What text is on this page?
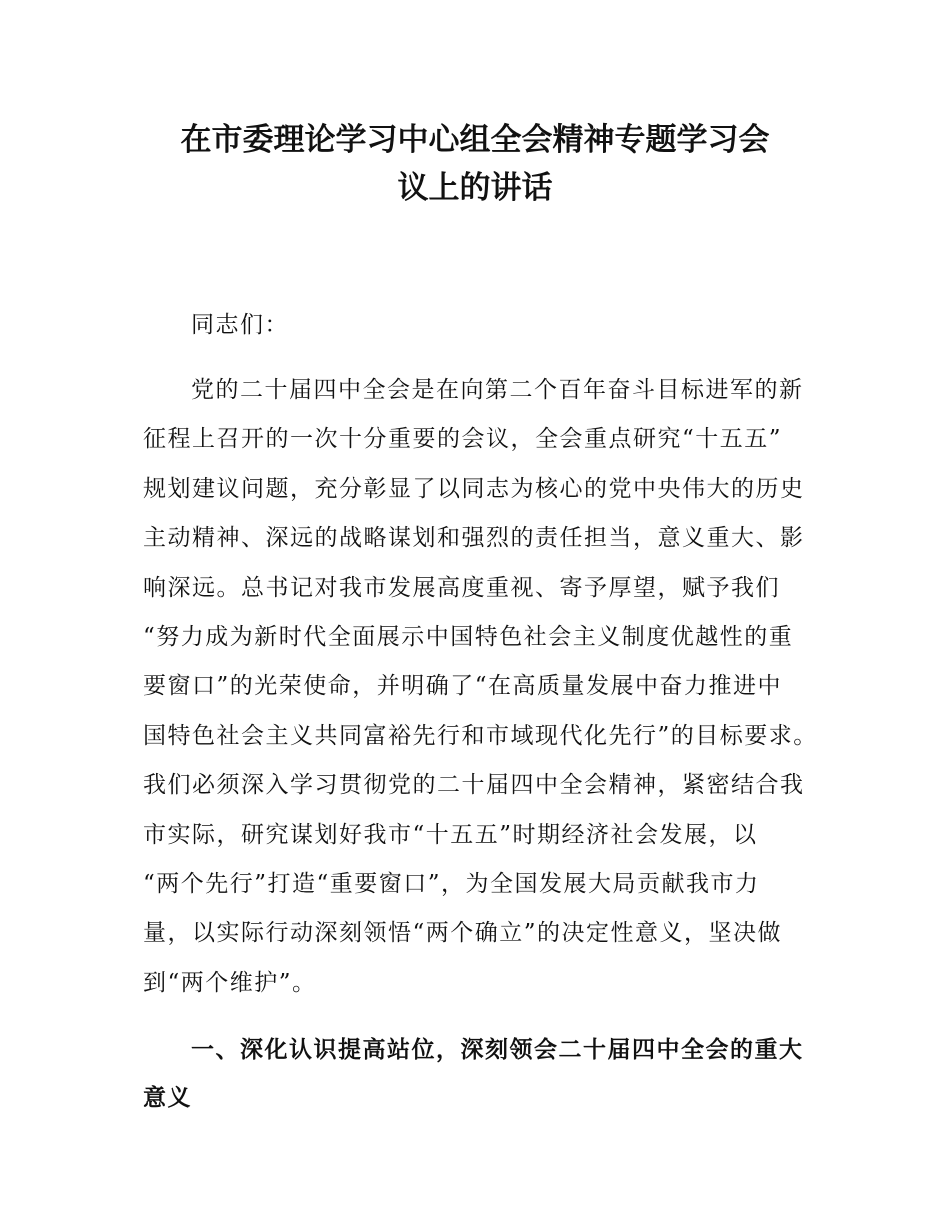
在市委理论学习中心组全会精神专题学习会
议上的讲话
同志们：
党的二十届四中全会是在向第二个百年奋斗目标进军的新
征程上召开的一次十分重要的会议，全会重点研究“十五五”
规划建议问题，充分彰显了以同志为核心的党中央伟大的历史
主动精神、深远的战略谋划和强烈的责任担当，意义重大、影
响深远。总书记对我市发展高度重视、寄予厚望，赋予我们
“努力成为新时代全面展示中国特色社会主义制度优越性的重
要窗口”的光荣使命，并明确了“在高质量发展中奋力推进中
国特色社会主义共同富裕先行和市域现代化先行”的目标要求。
我们必须深入学习贯彻党的二十届四中全会精神，紧密结合我
市实际，研究谋划好我市“十五五”时期经济社会发展，以
“两个先行”打造“重要窗口”，为全国发展大局贡献我市力
量，以实际行动深刻领悟“两个确立”的决定性意义，坚决做
到“两个维护”。
一、深化认识提高站位，深刻领会二十届四中全会的重大
意义
